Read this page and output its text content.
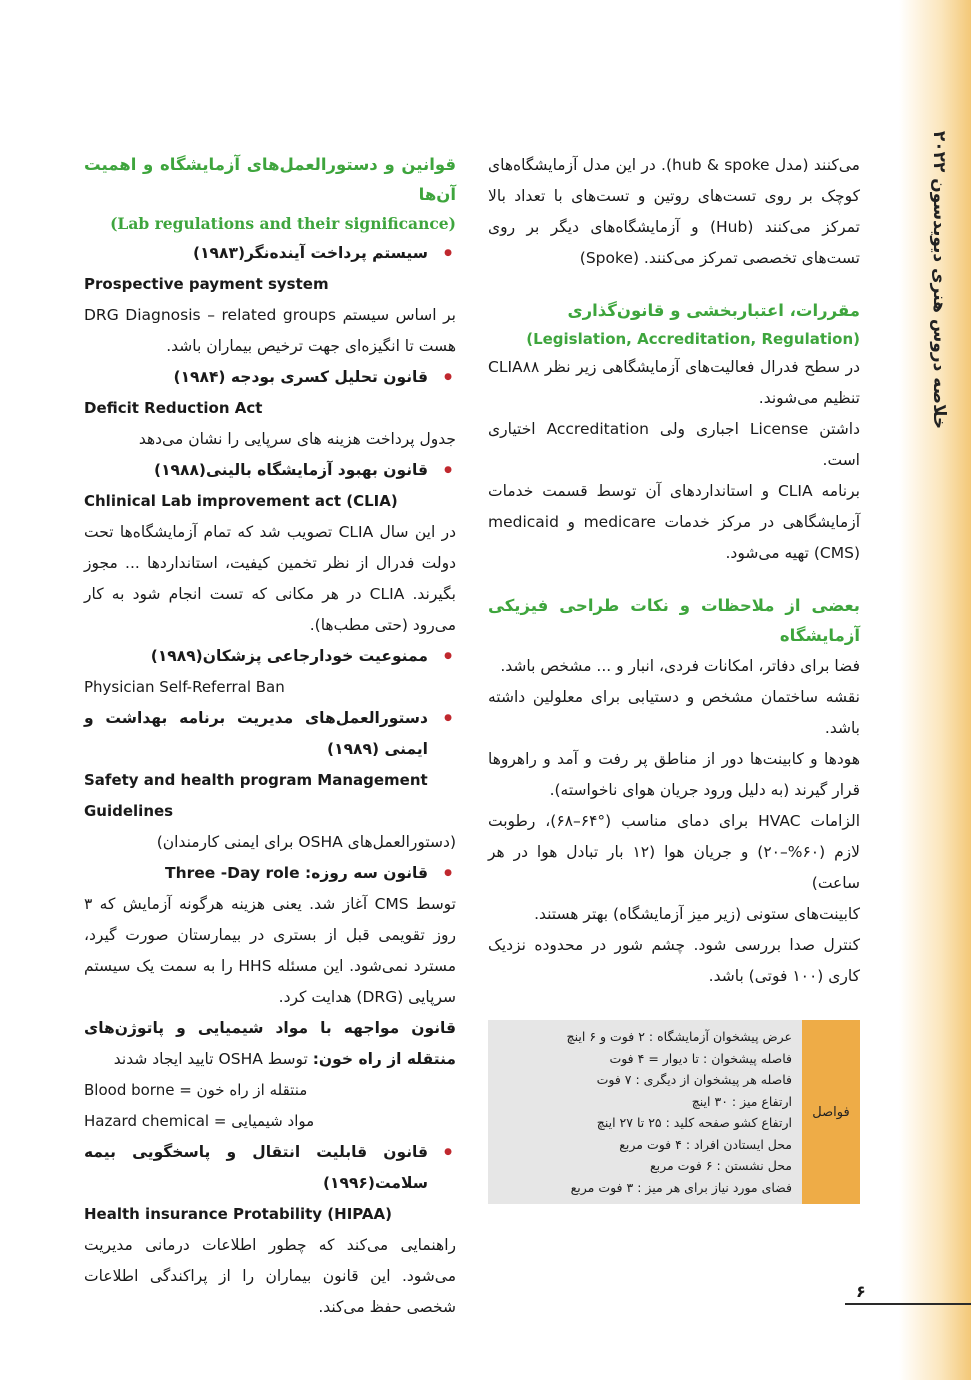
خلاصه دروس هنری دیویدسون ۲۰۲۲
می‌کنند (مدل hub & spoke). در این مدل آزمایشگاه‌های کوچک بر روی تست‌های روتین و تست‌های با تعداد بالا تمرکز می‌کنند (Hub) و آزمایشگاه‌های دیگر بر روی تست‌های تخصصی تمرکز می‌کنند. (Spoke)
مقررات، اعتباربخشی و قانون‌گذاری
(Legislation, Accreditation, Regulation)
در سطح فدرال فعالیت‌های آزمایشگاهی زیر نظر CLIA۸۸ تنظیم می‌شوند.
داشتن License اجباری ولی Accreditation اختیاری است.
برنامه CLIA و استانداردهای آن توسط قسمت خدمات آزمایشگاهی در مرکز خدمات medicare و medicaid (CMS) تهیه می‌شود.
بعضی از ملاحظات و نکات طراحی فیزیکی آزمایشگاه
فضا برای دفاتر، امکانات فردی، انبار و ... مشخص باشد.
نقشه ساختمان مشخص و دستیابی برای معلولین داشته باشد.
هودها و کابینت‌ها دور از مناطق پر رفت و آمد و راهروها قرار گیرند (به دلیل ورود جریان هوای ناخواسته).
الزامات HVAC برای دمای مناسب (°۶۴–۶۸)، رطوبت لازم (۶۰%–۲۰) و جریان هوا (۱۲ بار تبادل هوا در هر ساعت)
کابینت‌های ستونی (زیر میز آزمایشگاه) بهتر هستند.
کنترل صدا بررسی شود. چشم شور در محدوده نزدیک کاری (۱۰۰ فوتی) باشد.
فواصل
عرض پیشخوان آزمایشگاه : ۲ فوت و ۶ اینچ
فاصله پیشخوان : تا دیوار = ۴ فوت
فاصله هر پیشخوان از دیگری : ۷ فوت
ارتفاع میز : ۳۰ اینچ
ارتفاع کشو صفحه کلید : ۲۵ تا ۲۷ اینچ
محل ایستادن افراد : ۴ فوت مربع
محل نشستن : ۶ فوت مربع
فضای مورد نیاز برای هر میز : ۳ فوت مربع
قوانین و دستورالعمل‌های آزمایشگاه و اهمیت آن‌ها
(Lab regulations and their significance)
● سیستم پرداخت آینده‌نگر(۱۹۸۳)
Prospective payment system
بر اساس سیستم DRG Diagnosis – related groups هست تا انگیزه‌ای جهت ترخیص بیماران باشد.
● قانون تحلیل کسری بودجه (۱۹۸۴)
Deficit Reduction Act
جدول پرداخت هزینه های سرپایی را نشان می‌دهد
● قانون بهبود آزمایشگاه بالینی(۱۹۸۸)
Chlinical Lab improvement act (CLIA)
در این سال CLIA تصویب شد که تمام آزمایشگاه‌ها تحت دولت فدرال از نظر تخمین کیفیت، استانداردها ... مجوز بگیرند. CLIA در هر مکانی که تست انجام شود به کار می‌رود (حتی مطب‌ها).
● ممنوعیت خودارجاعی پزشکان(۱۹۸۹)
Physician Self-Referral Ban
● دستورالعمل‌های مدیریت برنامه بهداشت و ایمنی (۱۹۸۹)
Safety and health program Management Guidelines
(دستورالعمل‌های OSHA برای ایمنی کارمندان)
● قانون سه روزه: Three -Day role
توسط CMS آغاز شد. یعنی هزینه هرگونه آزمایش که ۳ روز تقویمی قبل از بستری در بیمارستان صورت گیرد، مسترد نمی‌شود. این مسئله HHS را به سمت یک سیستم سرپایی (DRG) هدایت کرد.
قانون مواجهه با مواد شیمیایی و پاتوژن‌های منتقله از راه خون: توسط OSHA تایید ایجاد شدند
Blood borne = منتقله از راه خون
Hazard chemical = مواد شیمیایی
● قانون قابلیت انتقال و پاسخگویی بیمه سلامت(۱۹۹۶)
Health insurance Protability (HIPAA)
راهنمایی می‌کند که چطور اطلاعات درمانی مدیریت می‌شود. این قانون بیماران را از پراکندگی اطلاعات شخصی حفظ می‌کند.
۶
